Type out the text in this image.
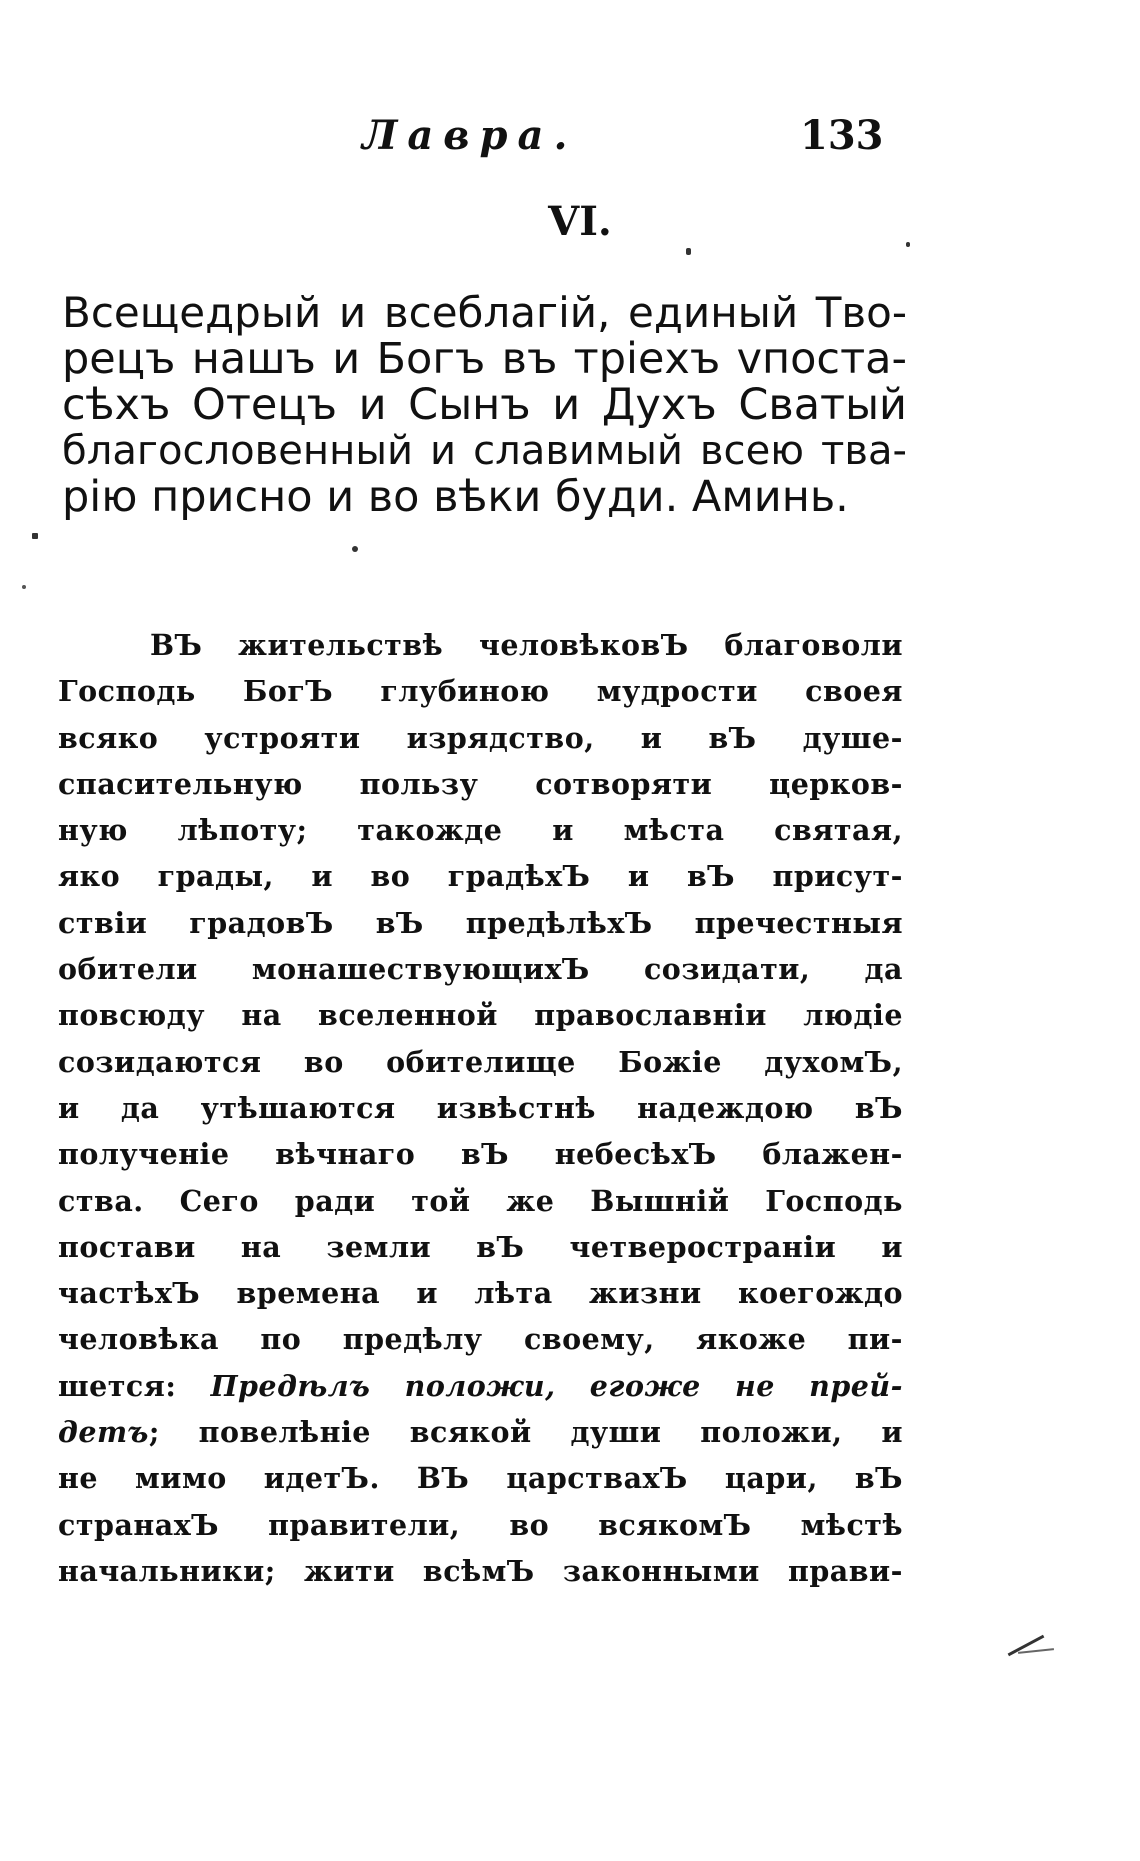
Лавра.	133
VI.
Всещедрый и всеблагій, единый Тво-
рецъ нашъ и Богъ въ тріехъ vпоста-
сѣхъ Отецъ и Сынъ и Духъ Сватый
благословенный и славимый всею тва-
рію присно и во вѣки буди. Аминь.
ВЪ жительствѣ человѣковЪ благоволи
Господь БогЪ глубиною мудрости своея
всяко устрояти изрядство, и вЪ душе-
спасительную пользу сотворяти церков-
ную лѣпоту; такожде и мѣста святая,
яко грады, и во градѣхЪ и вЪ присут-
ствіи градовЪ вЪ предѣлѣхЪ пречестныя
обители монашествующихЪ созидати, да
повсюду на вселенной православніи людіе
созидаются во обителище Божіе духомЪ,
и да утѣшаются извѣстнѣ надеждою вЪ
полученіе вѣчнаго вЪ небесѣхЪ блажен-
ства. Сего ради той же Вышній Господь
постави на земли вЪ четвеространіи и
частѣхЪ времена и лѣта жизни коегождо
человѣка по предѣлу своему, якоже пи-
шется: Предѣлъ положи, егоже не прей-
детъ; повелѣніе всякой души положи, и
не мимо идетЪ. ВЪ царствахЪ цари, вЪ
странахЪ правители, во всякомЪ мѣстѣ
начальники; жити всѣмЪ законными прави-
